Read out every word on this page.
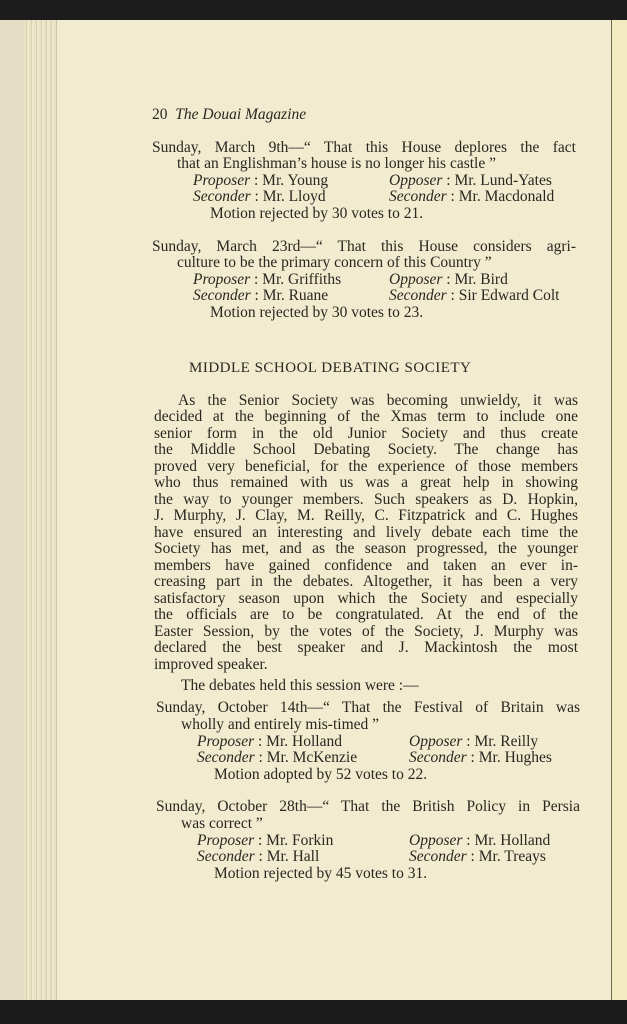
20 The Douai Magazine
Sunday, March 9th—“ That this House deplores the fact
that an Englishman’s house is no longer his castle ”
Proposer : Mr. Young	Opposer : Mr. Lund-Yates
Seconder : Mr. Lloyd	Seconder : Mr. Macdonald
Motion rejected by 30 votes to 21.
Sunday, March 23rd—“ That this House considers agri-
culture to be the primary concern of this Country ”
Proposer : Mr. Griffiths	Opposer : Mr. Bird
Seconder : Mr. Ruane	Seconder : Sir Edward Colt
Motion rejected by 30 votes to 23.
MIDDLE SCHOOL DEBATING SOCIETY
As the Senior Society was becoming unwieldy, it was
decided at the beginning of the Xmas term to include one
senior form in the old Junior Society and thus create
the Middle School Debating Society. The change has
proved very beneficial, for the experience of those members
who thus remained with us was a great help in showing
the way to younger members. Such speakers as D. Hopkin,
J. Murphy, J. Clay, M. Reilly, C. Fitzpatrick and C. Hughes
have ensured an interesting and lively debate each time the
Society has met, and as the season progressed, the younger
members have gained confidence and taken an ever in-
creasing part in the debates. Altogether, it has been a very
satisfactory season upon which the Society and especially
the officials are to be congratulated. At the end of the
Easter Session, by the votes of the Society, J. Murphy was
declared the best speaker and J. Mackintosh the most
improved speaker.
The debates held this session were :—
Sunday, October 14th—“ That the Festival of Britain was
wholly and entirely mis-timed ”
Proposer : Mr. Holland	Opposer : Mr. Reilly
Seconder : Mr. McKenzie	Seconder : Mr. Hughes
Motion adopted by 52 votes to 22.
Sunday, October 28th—“ That the British Policy in Persia
was correct ”
Proposer : Mr. Forkin	Opposer : Mr. Holland
Seconder : Mr. Hall	Seconder : Mr. Treays
Motion rejected by 45 votes to 31.
